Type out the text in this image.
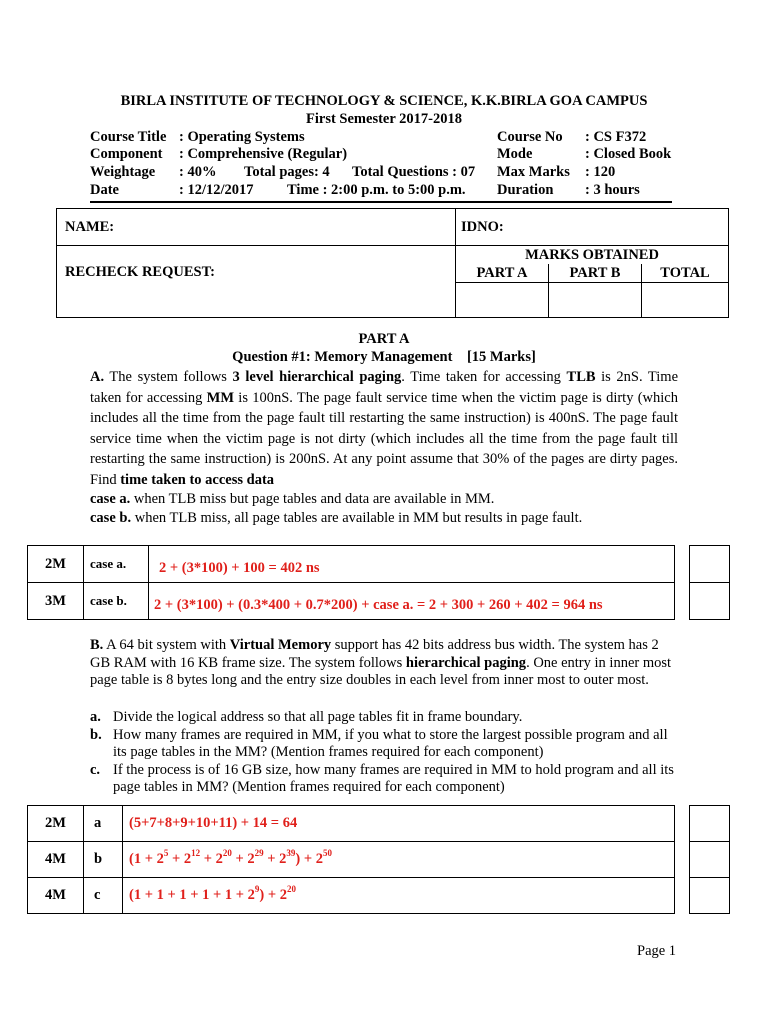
BIRLA INSTITUTE OF TECHNOLOGY & SCIENCE, K.K.BIRLA GOA CAMPUS
First Semester 2017-2018
Course Title : Operating Systems	Course No : CS F372
Component : Comprehensive (Regular)	Mode	: Closed Book
Weightage : 40% Total pages: 4 Total Questions : 07 Max Marks : 120
Date	: 12/12/2017 Time : 2:00 p.m. to 5:00 p.m. Duration : 3 hours
NAME:	IDNO:		
RECHECK REQUEST:	MARKS OBTAINED		
	PART A	PART B	TOTAL

PART A
Question #1: Memory Management    [15 Marks]
A. The system follows 3 level hierarchical paging. Time taken for accessing TLB is 2nS. Time taken for accessing MM is 100nS. The page fault service time when the victim page is dirty (which includes all the time from the page fault till restarting the same instruction) is 400nS. The page fault service time when the victim page is not dirty (which includes all the time from the page fault till restarting the same instruction) is 200nS. At any point assume that 30% of the pages are dirty pages. Find time taken to access data
case a. when TLB miss but page tables and data are available in MM.
case b. when TLB miss, all page tables are available in MM but results in page fault.
2M	case a.	2 + (3*100) + 100 = 402 ns
3M	case b.	2 + (3*100) + (0.3*400 + 0.7*200) + case a. = 2 + 300 + 260 + 402 = 964 ns
B. A 64 bit system with Virtual Memory support has 42 bits address bus width. The system has 2 GB RAM with 16 KB frame size. The system follows hierarchical paging. One entry in inner most page table is 8 bytes long and the entry size doubles in each level from inner most to outer most.
a. Divide the logical address so that all page tables fit in frame boundary.
b. How many frames are required in MM, if you what to store the largest possible program and all its page tables in the MM? (Mention frames required for each component)
c. If the process is of 16 GB size, how many frames are required in MM to hold program and all its page tables in MM? (Mention frames required for each component)
2M	a	(5+7+8+9+10+11) + 14 = 64
4M	b	$(1 + 2^5 + 2^{12} + 2^{20} + 2^{29} + 2^{39}) + 2^{50}$
4M	c	$(1 + 1 + 1 + 1 + 1 + 2^9) + 2^{20}$
Page 1
